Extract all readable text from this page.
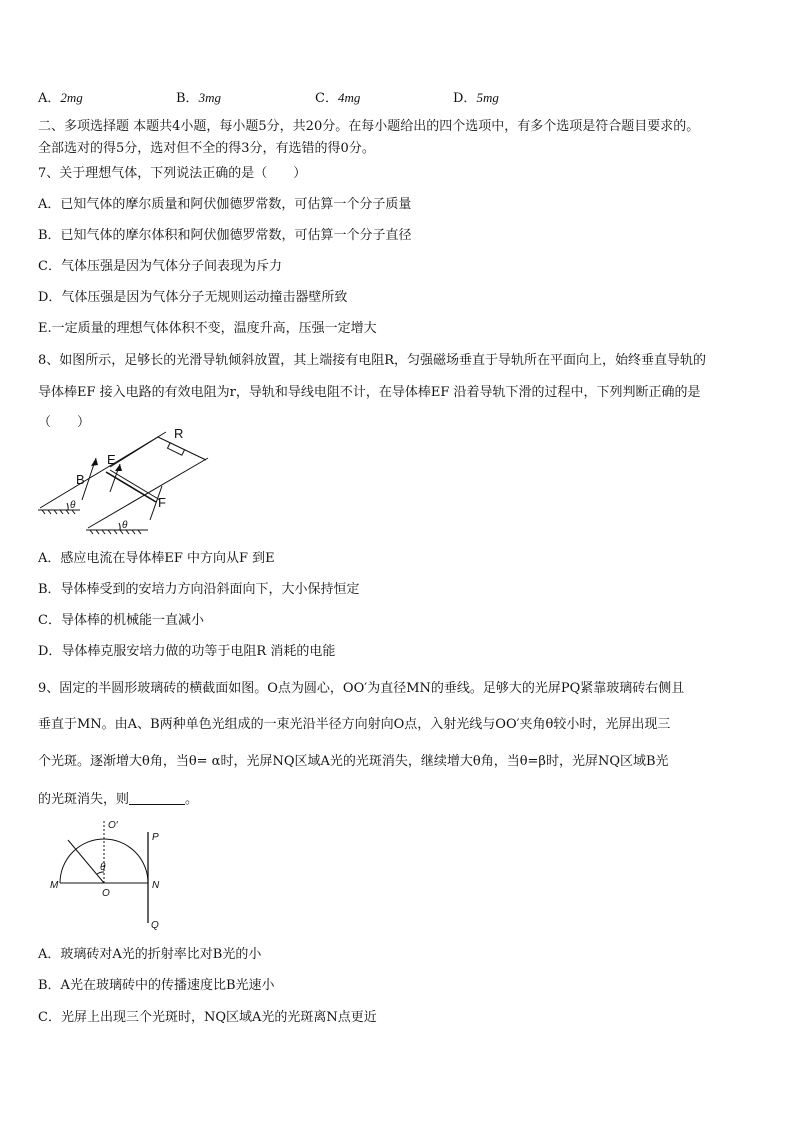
A．2mg	B．3mg	C．4mg	D．5mg
二、多项选择题 本题共4小题，每小题5分，共20分。在每小题给出的四个选项中，有多个选项是符合题目要求的。
全部选对的得5分，选对但不全的得3分，有选错的得0分。
7、关于理想气体，下列说法正确的是（　　）
A．已知气体的摩尔质量和阿伏伽德罗常数，可估算一个分子质量
B．已知气体的摩尔体积和阿伏伽德罗常数，可估算一个分子直径
C．气体压强是因为气体分子间表现为斥力
D．气体压强是因为气体分子无规则运动撞击器壁所致
E.一定质量的理想气体体积不变，温度升高，压强一定增大
8、如图所示，足够长的光滑导轨倾斜放置，其上端接有电阻R，匀强磁场垂直于导轨所在平面向上，始终垂直导轨的
导体棒EF 接入电路的有效电阻为r，导轨和导线电阻不计，在导体棒EF 沿着导轨下滑的过程中，下列判断正确的是
（　　）
B
E
F
R
θ
θ
A．感应电流在导体棒EF 中方向从F 到E
B．导体棒受到的安培力方向沿斜面向下，大小保持恒定
C．导体棒的机械能一直减小
D．导体棒克服安培力做的功等于电阻R 消耗的电能
9、固定的半圆形玻璃砖的横截面如图。O点为圆心，OO′为直径MN的垂线。足够大的光屏PQ紧靠玻璃砖右侧且
垂直于MN。由A、B两种单色光组成的一束光沿半径方向射向O点，入射光线与OO′夹角θ较小时，光屏出现三
个光斑。逐渐增大θ角，当θ= α时，光屏NQ区域A光的光斑消失，继续增大θ角，当θ=β时，光屏NQ区域B光
的光斑消失，则	。
O′
P
θ
M
O
N
Q
A．玻璃砖对A光的折射率比对B光的小
B．A光在玻璃砖中的传播速度比B光速小
C．光屏上出现三个光斑时，NQ区域A光的光斑离N点更近
